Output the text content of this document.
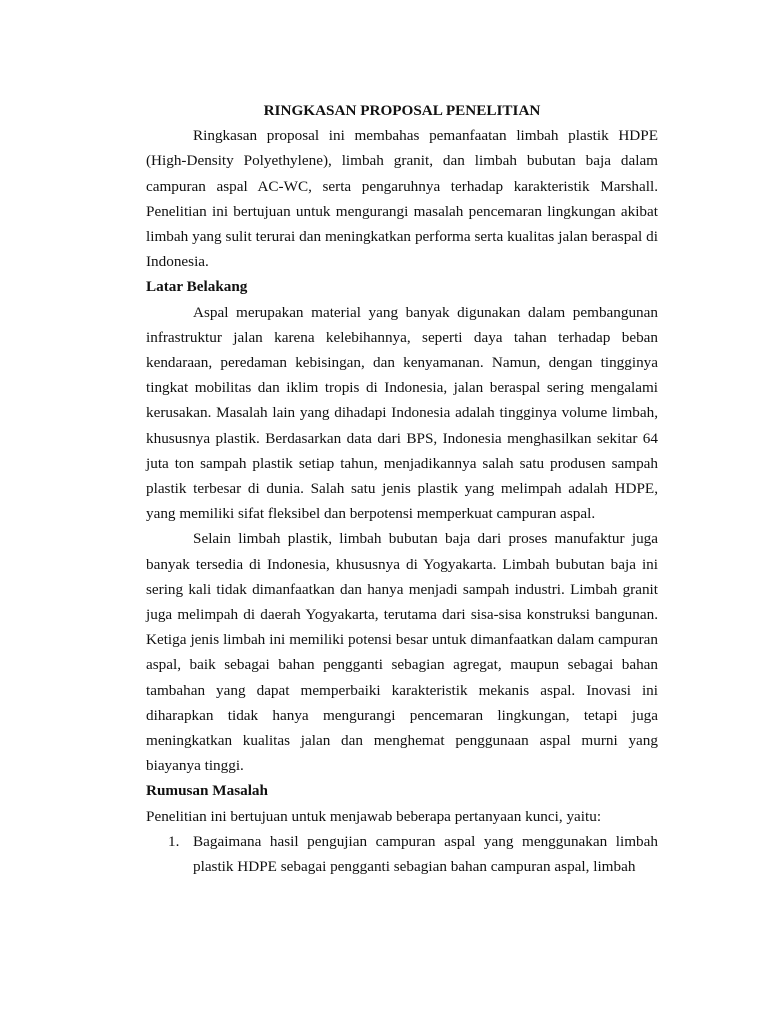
RINGKASAN PROPOSAL PENELITIAN

Ringkasan proposal ini membahas pemanfaatan limbah plastik HDPE (High-Density Polyethylene), limbah granit, dan limbah bubutan baja dalam campuran aspal AC-WC, serta pengaruhnya terhadap karakteristik Marshall. Penelitian ini bertujuan untuk mengurangi masalah pencemaran lingkungan akibat limbah yang sulit terurai dan meningkatkan performa serta kualitas jalan beraspal di Indonesia.

Latar Belakang

Aspal merupakan material yang banyak digunakan dalam pembangunan infrastruktur jalan karena kelebihannya, seperti daya tahan terhadap beban kendaraan, peredaman kebisingan, dan kenyamanan. Namun, dengan tingginya tingkat mobilitas dan iklim tropis di Indonesia, jalan beraspal sering mengalami kerusakan. Masalah lain yang dihadapi Indonesia adalah tingginya volume limbah, khususnya plastik. Berdasarkan data dari BPS, Indonesia menghasilkan sekitar 64 juta ton sampah plastik setiap tahun, menjadikannya salah satu produsen sampah plastik terbesar di dunia. Salah satu jenis plastik yang melimpah adalah HDPE, yang memiliki sifat fleksibel dan berpotensi memperkuat campuran aspal.

Selain limbah plastik, limbah bubutan baja dari proses manufaktur juga banyak tersedia di Indonesia, khususnya di Yogyakarta. Limbah bubutan baja ini sering kali tidak dimanfaatkan dan hanya menjadi sampah industri. Limbah granit juga melimpah di daerah Yogyakarta, terutama dari sisa-sisa konstruksi bangunan. Ketiga jenis limbah ini memiliki potensi besar untuk dimanfaatkan dalam campuran aspal, baik sebagai bahan pengganti sebagian agregat, maupun sebagai bahan tambahan yang dapat memperbaiki karakteristik mekanis aspal. Inovasi ini diharapkan tidak hanya mengurangi pencemaran lingkungan, tetapi juga meningkatkan kualitas jalan dan menghemat penggunaan aspal murni yang biayanya tinggi.

Rumusan Masalah

Penelitian ini bertujuan untuk menjawab beberapa pertanyaan kunci, yaitu:

1. Bagaimana hasil pengujian campuran aspal yang menggunakan limbah plastik HDPE sebagai pengganti sebagian bahan campuran aspal, limbah
